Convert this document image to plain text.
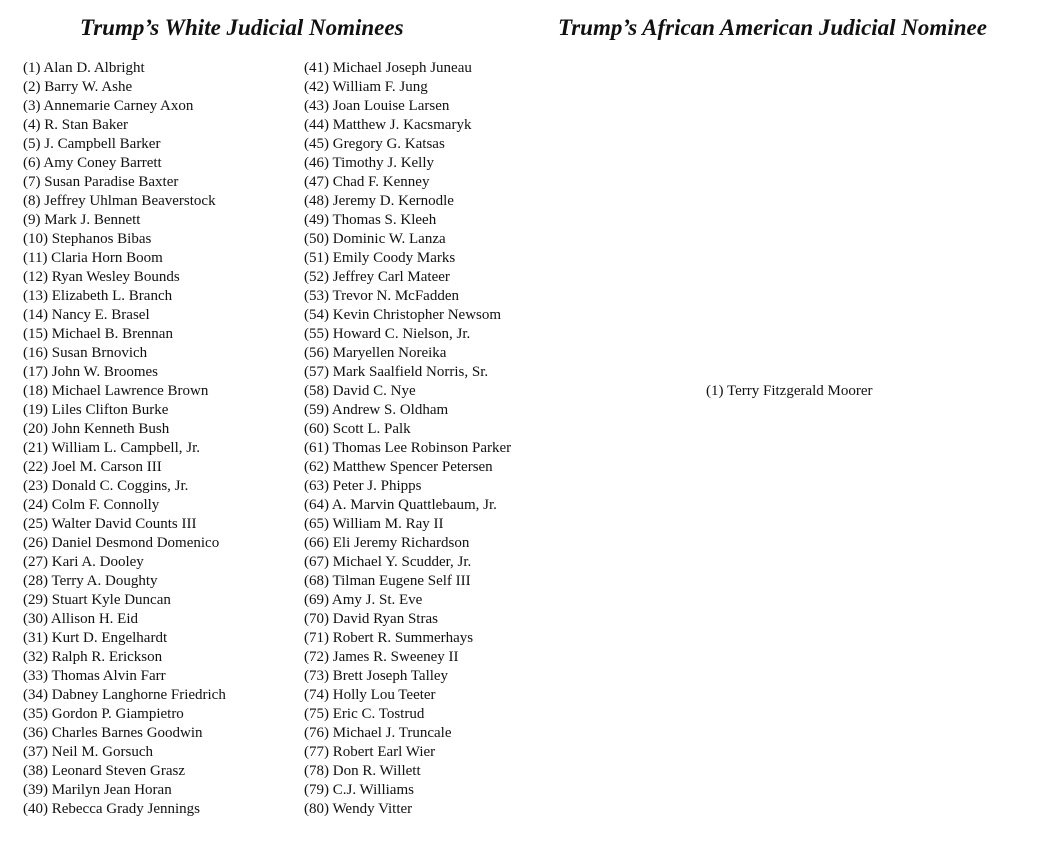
Trump’s White Judicial Nominees	Trump’s African American Judicial Nominee
(1) Alan D. Albright
(2) Barry W. Ashe
(3) Annemarie Carney Axon
(4) R. Stan Baker
(5) J. Campbell Barker
(6) Amy Coney Barrett
(7) Susan Paradise Baxter
(8) Jeffrey Uhlman Beaverstock
(9) Mark J. Bennett
(10) Stephanos Bibas
(11) Claria Horn Boom
(12) Ryan Wesley Bounds
(13) Elizabeth L. Branch
(14) Nancy E. Brasel
(15) Michael B. Brennan
(16) Susan Brnovich
(17) John W. Broomes
(18) Michael Lawrence Brown
(19) Liles Clifton Burke
(20) John Kenneth Bush
(21) William L. Campbell, Jr.
(22) Joel M. Carson III
(23) Donald C. Coggins, Jr.
(24) Colm F. Connolly
(25) Walter David Counts III
(26) Daniel Desmond Domenico
(27) Kari A. Dooley
(28) Terry A. Doughty
(29) Stuart Kyle Duncan
(30) Allison H. Eid
(31) Kurt D. Engelhardt
(32) Ralph R. Erickson
(33) Thomas Alvin Farr
(34) Dabney Langhorne Friedrich
(35) Gordon P. Giampietro
(36) Charles Barnes Goodwin
(37) Neil M. Gorsuch
(38) Leonard Steven Grasz
(39) Marilyn Jean Horan
(40) Rebecca Grady Jennings
(41) Michael Joseph Juneau
(42) William F. Jung
(43) Joan Louise Larsen
(44) Matthew J. Kacsmaryk
(45) Gregory G. Katsas
(46) Timothy J. Kelly
(47) Chad F. Kenney
(48) Jeremy D. Kernodle
(49) Thomas S. Kleeh
(50) Dominic W. Lanza
(51) Emily Coody Marks
(52) Jeffrey Carl Mateer
(53) Trevor N. McFadden
(54) Kevin Christopher Newsom
(55) Howard C. Nielson, Jr.
(56) Maryellen Noreika
(57) Mark Saalfield Norris, Sr.
(58) David C. Nye
(59) Andrew S. Oldham
(60) Scott L. Palk
(61) Thomas Lee Robinson Parker
(62) Matthew Spencer Petersen
(63) Peter J. Phipps
(64) A. Marvin Quattlebaum, Jr.
(65) William M. Ray II
(66) Eli Jeremy Richardson
(67) Michael Y. Scudder, Jr.
(68) Tilman Eugene Self III
(69) Amy J. St. Eve
(70) David Ryan Stras
(71) Robert R. Summerhays
(72) James R. Sweeney II
(73) Brett Joseph Talley
(74) Holly Lou Teeter
(75) Eric C. Tostrud
(76) Michael J. Truncale
(77) Robert Earl Wier
(78) Don R. Willett
(79) C.J. Williams
(80) Wendy Vitter
(1) Terry Fitzgerald Moorer
